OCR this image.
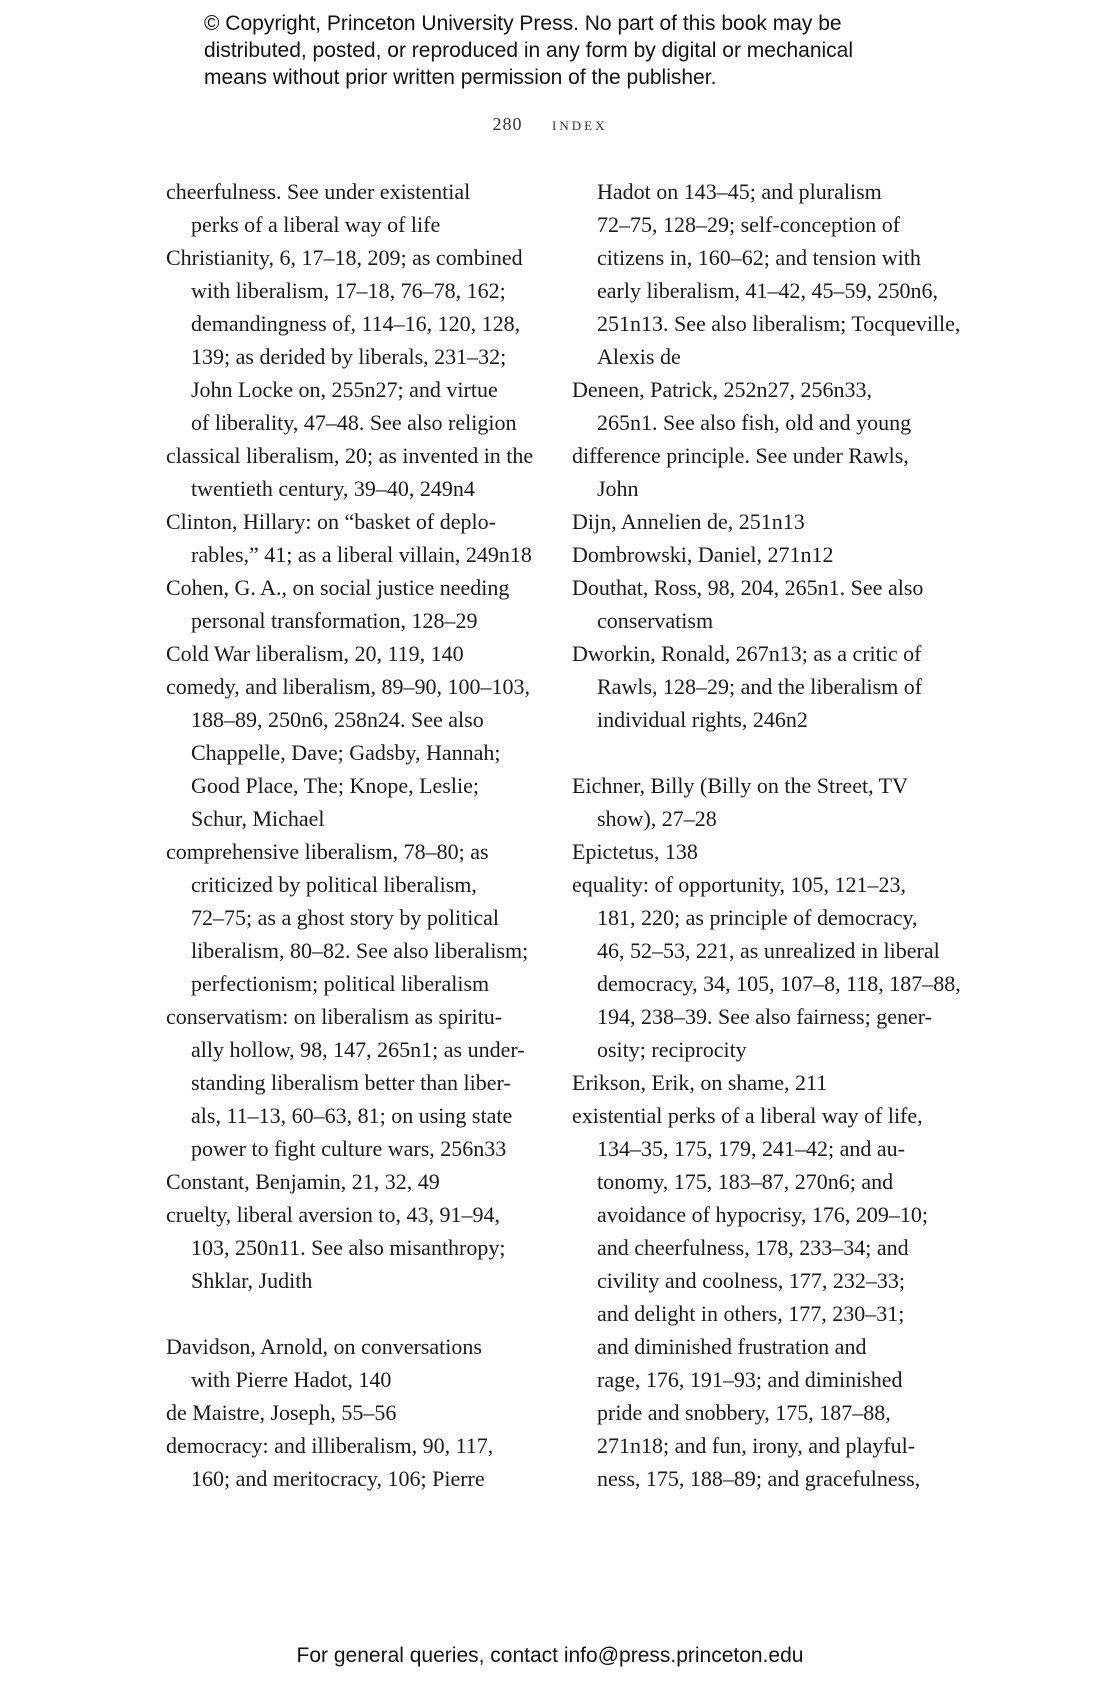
© Copyright, Princeton University Press. No part of this book may be
distributed, posted, or reproduced in any form by digital or mechanical
means without prior written permission of the publisher.
280 index
cheerfulness. See under existential
perks of a liberal way of life
Christianity, 6, 17–18, 209; as combined
with liberalism, 17–18, 76–78, 162;
demandingness of, 114–16, 120, 128,
139; as derided by liberals, 231–32;
John Locke on, 255n27; and virtue
of liberality, 47–48. See also religion
classical liberalism, 20; as invented in the
twentieth century, 39–40, 249n4
Clinton, Hillary: on “basket of deplo-
rables,” 41; as a liberal villain, 249n18
Cohen, G. A., on social justice needing
personal transformation, 128–29
Cold War liberalism, 20, 119, 140
comedy, and liberalism, 89–90, 100–103,
188–89, 250n6, 258n24. See also
Chappelle, Dave; Gadsby, Hannah;
Good Place, The; Knope, Leslie;
Schur, Michael
comprehensive liberalism, 78–80; as
criticized by political liberalism,
72–75; as a ghost story by political
liberalism, 80–82. See also liberalism;
perfectionism; political liberalism
conservatism: on liberalism as spiritu-
ally hollow, 98, 147, 265n1; as under-
standing liberalism better than liber-
als, 11–13, 60–63, 81; on using state
power to fight culture wars, 256n33
Constant, Benjamin, 21, 32, 49
cruelty, liberal aversion to, 43, 91–94,
103, 250n11. See also misanthropy;
Shklar, Judith
Davidson, Arnold, on conversations
with Pierre Hadot, 140
de Maistre, Joseph, 55–56
democracy: and illiberalism, 90, 117,
160; and meritocracy, 106; Pierre
Hadot on 143–45; and pluralism
72–75, 128–29; self-conception of
citizens in, 160–62; and tension with
early liberalism, 41–42, 45–59, 250n6,
251n13. See also liberalism; Tocqueville,
Alexis de
Deneen, Patrick, 252n27, 256n33,
265n1. See also fish, old and young
difference principle. See under Rawls,
John
Dijn, Annelien de, 251n13
Dombrowski, Daniel, 271n12
Douthat, Ross, 98, 204, 265n1. See also
conservatism
Dworkin, Ronald, 267n13; as a critic of
Rawls, 128–29; and the liberalism of
individual rights, 246n2
Eichner, Billy (Billy on the Street, TV
show), 27–28
Epictetus, 138
equality: of opportunity, 105, 121–23,
181, 220; as principle of democracy,
46, 52–53, 221, as unrealized in liberal
democracy, 34, 105, 107–8, 118, 187–88,
194, 238–39. See also fairness; gener-
osity; reciprocity
Erikson, Erik, on shame, 211
existential perks of a liberal way of life,
134–35, 175, 179, 241–42; and au-
tonomy, 175, 183–87, 270n6; and
avoidance of hypocrisy, 176, 209–10;
and cheerfulness, 178, 233–34; and
civility and coolness, 177, 232–33;
and delight in others, 177, 230–31;
and diminished frustration and
rage, 176, 191–93; and diminished
pride and snobbery, 175, 187–88,
271n18; and fun, irony, and playful-
ness, 175, 188–89; and gracefulness,
For general queries, contact info@press.princeton.edu
